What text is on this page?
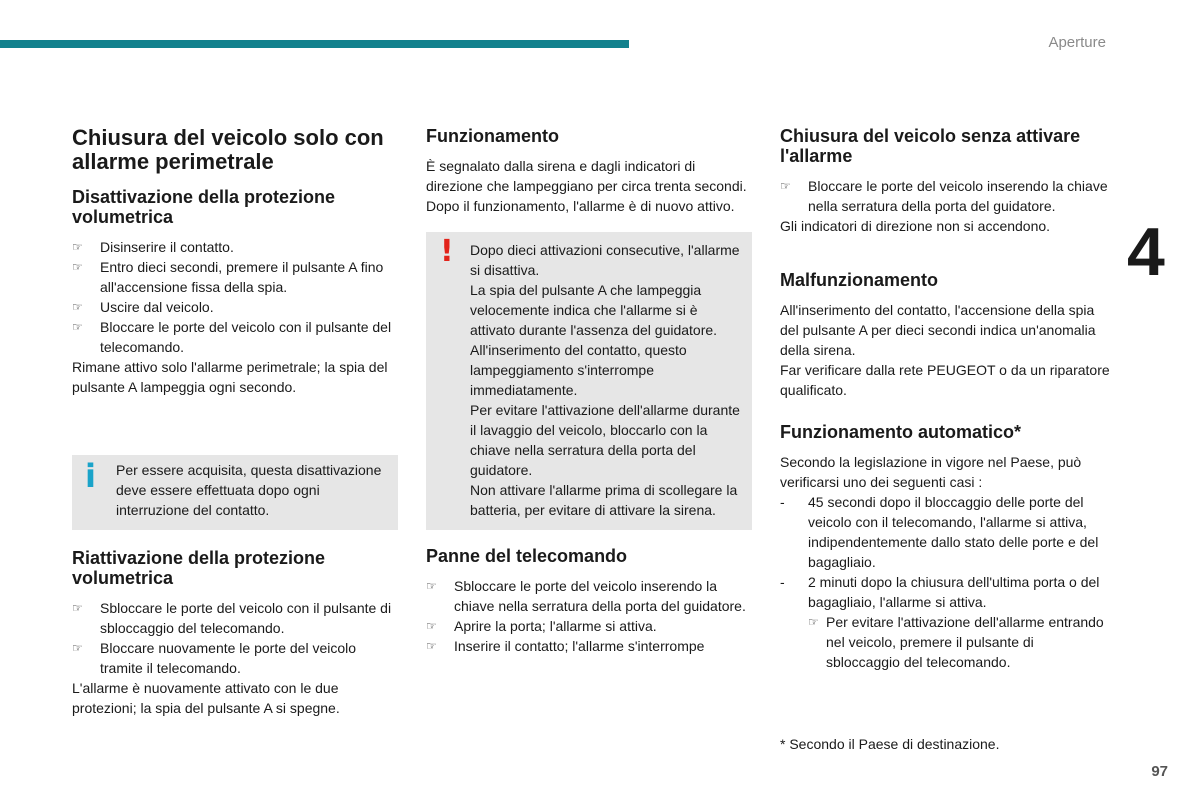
Aperture
4
Chiusura del veicolo solo con allarme perimetrale
Disattivazione della protezione volumetrica
☞ Disinserire il contatto.
☞ Entro dieci secondi, premere il pulsante A fino all'accensione fissa della spia.
☞ Uscire dal veicolo.
☞ Bloccare le porte del veicolo con il pulsante del telecomando.

Rimane attivo solo l'allarme perimetrale; la spia del pulsante A lampeggia ogni secondo.

i Per essere acquisita, questa disattivazione deve essere effettuata dopo ogni interruzione del contatto.

Riattivazione della protezione volumetrica
☞ Sbloccare le porte del veicolo con il pulsante di sbloccaggio del telecomando.
☞ Bloccare nuovamente le porte del veicolo tramite il telecomando.

L'allarme è nuovamente attivato con le due protezioni; la spia del pulsante A si spegne.

Funzionamento

È segnalato dalla sirena e dagli indicatori di direzione che lampeggiano per circa trenta secondi.

Dopo il funzionamento, l'allarme è di nuovo attivo.

! Dopo dieci attivazioni consecutive, l'allarme si disattiva.

La spia del pulsante A che lampeggia velocemente indica che l'allarme si è attivato durante l'assenza del guidatore. All'inserimento del contatto, questo lampeggiamento s'interrompe immediatamente.

Per evitare l'attivazione dell'allarme durante il lavaggio del veicolo, bloccarlo con la chiave nella serratura della porta del guidatore.

Non attivare l'allarme prima di scollegare la batteria, per evitare di attivare la sirena.

Panne del telecomando
☞ Sbloccare le porte del veicolo inserendo la chiave nella serratura della porta del guidatore.
☞ Aprire la porta; l'allarme si attiva.
☞ Inserire il contatto; l'allarme s'interrompe
Chiusura del veicolo senza attivare l'allarme
☞ Bloccare le porte del veicolo inserendo la chiave nella serratura della porta del guidatore.

Gli indicatori di direzione non si accendono.

Malfunzionamento

All'inserimento del contatto, l'accensione della spia del pulsante A per dieci secondi indica un'anomalia della sirena.

Far verificare dalla rete PEUGEOT o da un riparatore qualificato.

Funzionamento automatico*

Secondo la legislazione in vigore nel Paese, può verificarsi uno dei seguenti casi :

- 45 secondi dopo il bloccaggio delle porte del veicolo con il telecomando, l'allarme si attiva, indipendentemente dallo stato delle porte e del bagagliaio.
- 2 minuti dopo la chiusura dell'ultima porta o del bagagliaio, l'allarme si attiva.
☞ Per evitare l'attivazione dell'allarme entrando nel veicolo, premere il pulsante di sbloccaggio del telecomando.
* Secondo il Paese di destinazione.
97
